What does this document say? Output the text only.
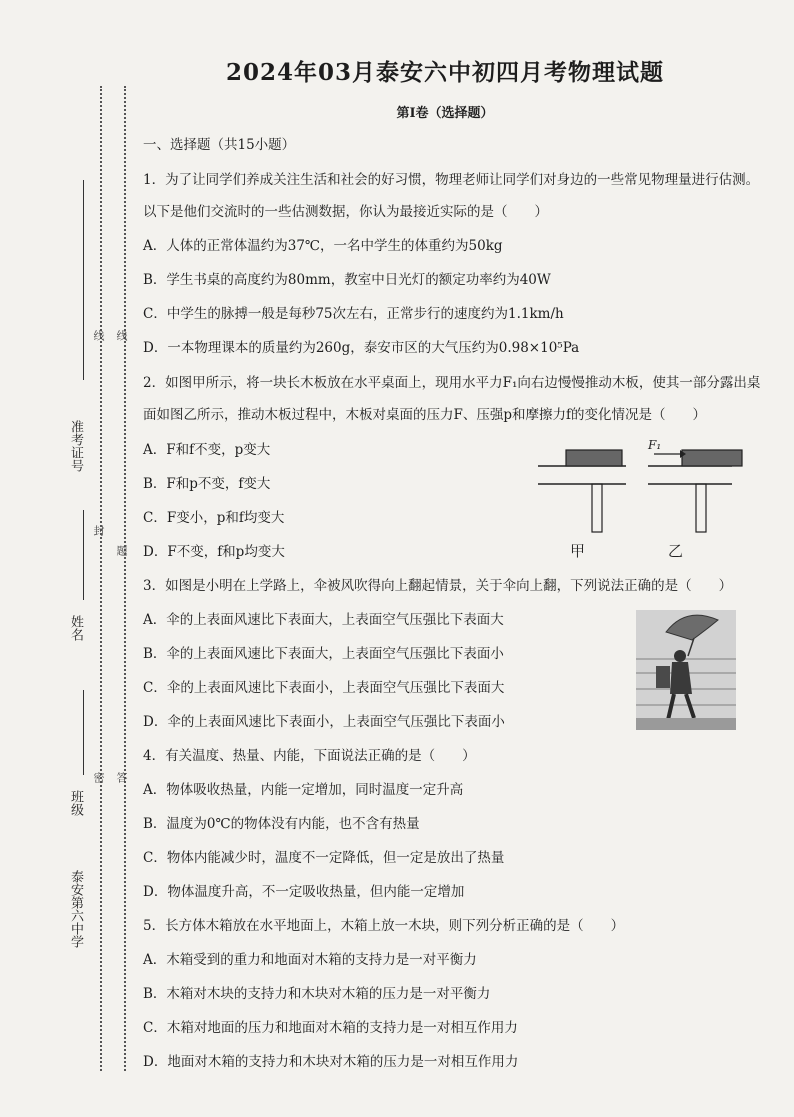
线 线
封
题
密 答
准考证号
姓名
班级
泰安第六中学
2024年03月泰安六中初四月考物理试题
第Ⅰ卷（选择题）
一、选择题（共15小题）
1．为了让同学们养成关注生活和社会的好习惯，物理老师让同学们对身边的一些常见物理量进行估测。以下是他们交流时的一些估测数据，你认为最接近实际的是（　　）
A．人体的正常体温约为37℃，一名中学生的体重约为50kg
B．学生书桌的高度约为80mm，教室中日光灯的额定功率约为40W
C．中学生的脉搏一般是每秒75次左右，正常步行的速度约为1.1km/h
D．一本物理课本的质量约为260g，泰安市区的大气压约为0.98×10⁵Pa
2．如图甲所示，将一块长木板放在水平桌面上，现用水平力F₁向右边慢慢推动木板，使其一部分露出桌面如图乙所示，推动木板过程中，木板对桌面的压力F、压强p和摩擦力f的变化情况是（　　）
A．F和f不变，p变大
B．F和p不变，f变大
C．F变小，p和f均变大
D．F不变，f和p均变大
3．如图是小明在上学路上，伞被风吹得向上翻起情景，关于伞向上翻，下列说法正确的是（　　）
A．伞的上表面风速比下表面大，上表面空气压强比下表面大
B．伞的上表面风速比下表面大，上表面空气压强比下表面小
C．伞的上表面风速比下表面小，上表面空气压强比下表面大
D．伞的上表面风速比下表面小，上表面空气压强比下表面小
4．有关温度、热量、内能，下面说法正确的是（　　）
A．物体吸收热量，内能一定增加，同时温度一定升高
B．温度为0℃的物体没有内能，也不含有热量
C．物体内能减少时，温度不一定降低，但一定是放出了热量
D．物体温度升高，不一定吸收热量，但内能一定增加
5．长方体木箱放在水平地面上，木箱上放一木块，则下列分析正确的是（　　）
A．木箱受到的重力和地面对木箱的支持力是一对平衡力
B．木箱对木块的支持力和木块对木箱的压力是一对平衡力
C．木箱对地面的压力和地面对木箱的支持力是一对相互作用力
D．地面对木箱的支持力和木块对木箱的压力是一对相互作用力
甲
F₁
乙
